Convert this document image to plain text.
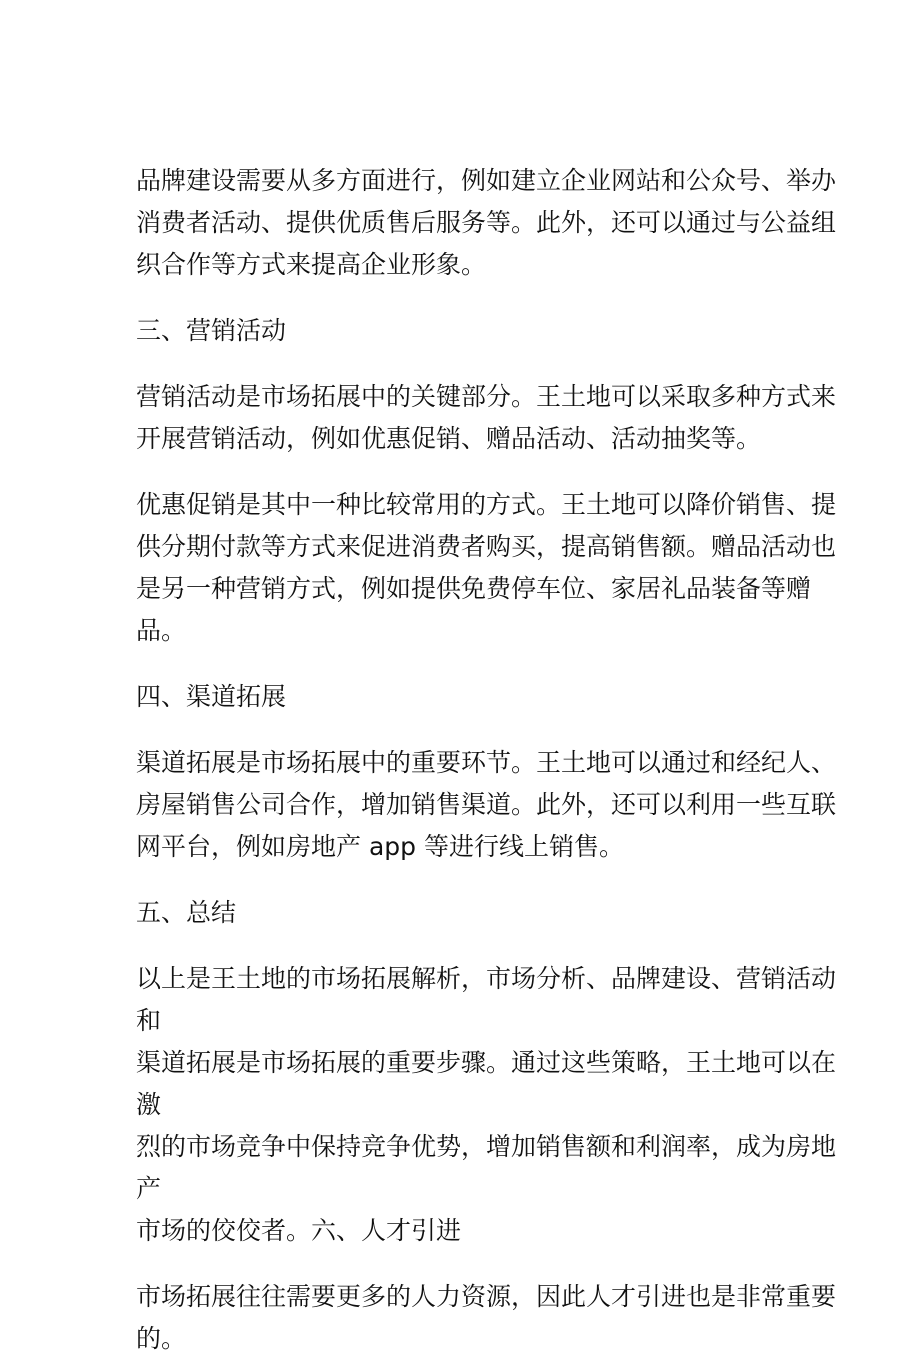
品牌建设需要从多方面进行，例如建立企业网站和公众号、举办
消费者活动、提供优质售后服务等。此外，还可以通过与公益组
织合作等方式来提高企业形象。

三、营销活动

营销活动是市场拓展中的关键部分。王土地可以采取多种方式来
开展营销活动，例如优惠促销、赠品活动、活动抽奖等。

优惠促销是其中一种比较常用的方式。王土地可以降价销售、提
供分期付款等方式来促进消费者购买，提高销售额。赠品活动也
是另一种营销方式，例如提供免费停车位、家居礼品装备等赠
品。

四、渠道拓展

渠道拓展是市场拓展中的重要环节。王土地可以通过和经纪人、
房屋销售公司合作，增加销售渠道。此外，还可以利用一些互联
网平台，例如房地产 app 等进行线上销售。

五、总结

以上是王土地的市场拓展解析，市场分析、品牌建设、营销活动和
渠道拓展是市场拓展的重要步骤。通过这些策略，王土地可以在激
烈的市场竞争中保持竞争优势，增加销售额和利润率，成为房地产
市场的佼佼者。六、人才引进

市场拓展往往需要更多的人力资源，因此人才引进也是非常重要的。
